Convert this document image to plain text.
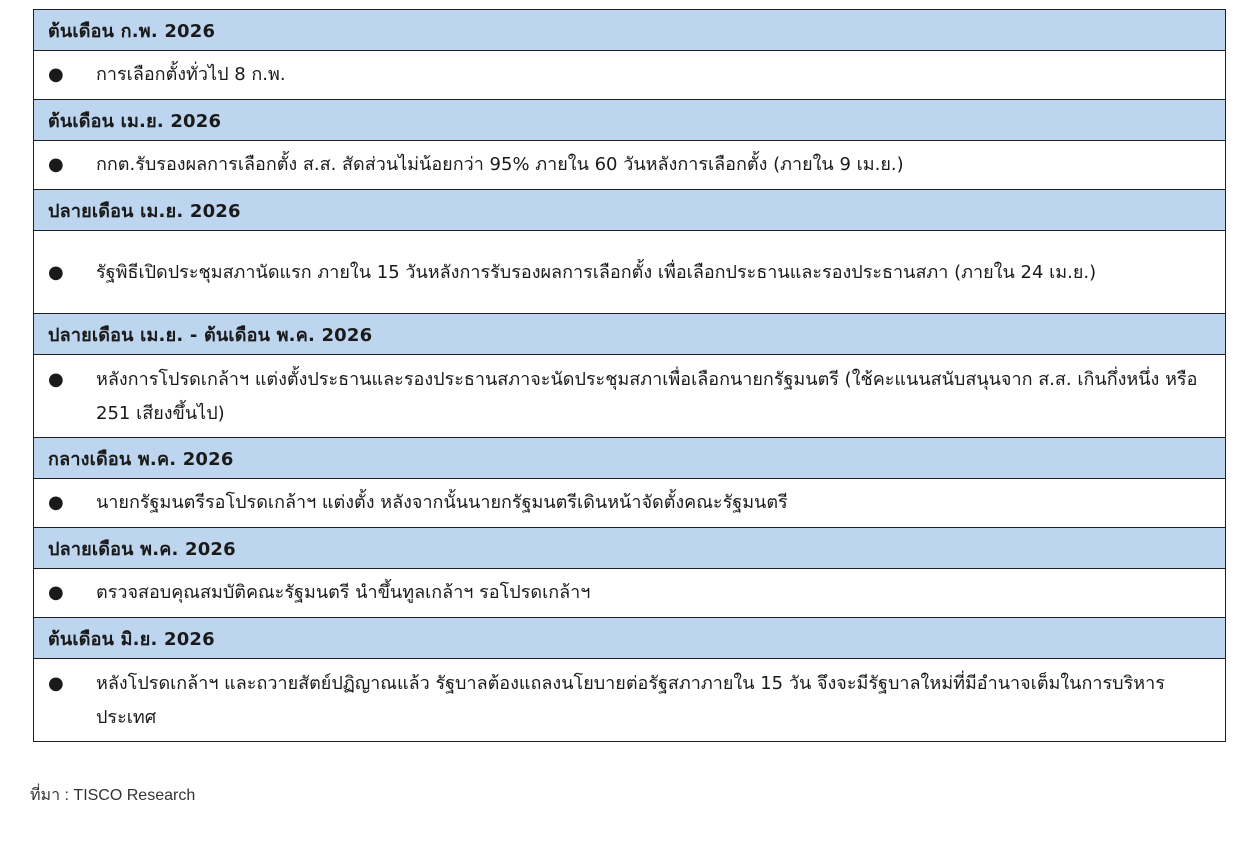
ต้นเดือน ก.พ. 2026

●	การเลือกตั้งทั่วไป 8 ก.พ.

ต้นเดือน เม.ย. 2026

●	กกต.รับรองผลการเลือกตั้ง ส.ส. สัดส่วนไม่น้อยกว่า 95% ภายใน 60 วันหลังการเลือกตั้ง (ภายใน 9 เม.ย.)

ปลายเดือน เม.ย. 2026

●	รัฐพิธีเปิดประชุมสภานัดแรก ภายใน 15 วันหลังการรับรองผลการเลือกตั้ง เพื่อเลือกประธานและรองประธานสภา (ภายใน 24 เม.ย.)

ปลายเดือน เม.ย. - ต้นเดือน พ.ค. 2026

●	หลังการโปรดเกล้าฯ แต่งตั้งประธานและรองประธานสภาจะนัดประชุมสภาเพื่อเลือกนายกรัฐมนตรี (ใช้คะแนนสนับสนุนจาก ส.ส. เกินกึ่งหนึ่ง หรือ 251 เสียงขึ้นไป)

กลางเดือน พ.ค. 2026

●	นายกรัฐมนตรีรอโปรดเกล้าฯ แต่งตั้ง หลังจากนั้นนายกรัฐมนตรีเดินหน้าจัดตั้งคณะรัฐมนตรี

ปลายเดือน พ.ค. 2026

●	ตรวจสอบคุณสมบัติคณะรัฐมนตรี นำขึ้นทูลเกล้าฯ รอโปรดเกล้าฯ

ต้นเดือน มิ.ย. 2026

●	หลังโปรดเกล้าฯ และถวายสัตย์ปฏิญาณแล้ว รัฐบาลต้องแถลงนโยบายต่อรัฐสภาภายใน 15 วัน จึงจะมีรัฐบาลใหม่ที่มีอำนาจเต็มในการบริหารประเทศ
ที่มา : TISCO Research
